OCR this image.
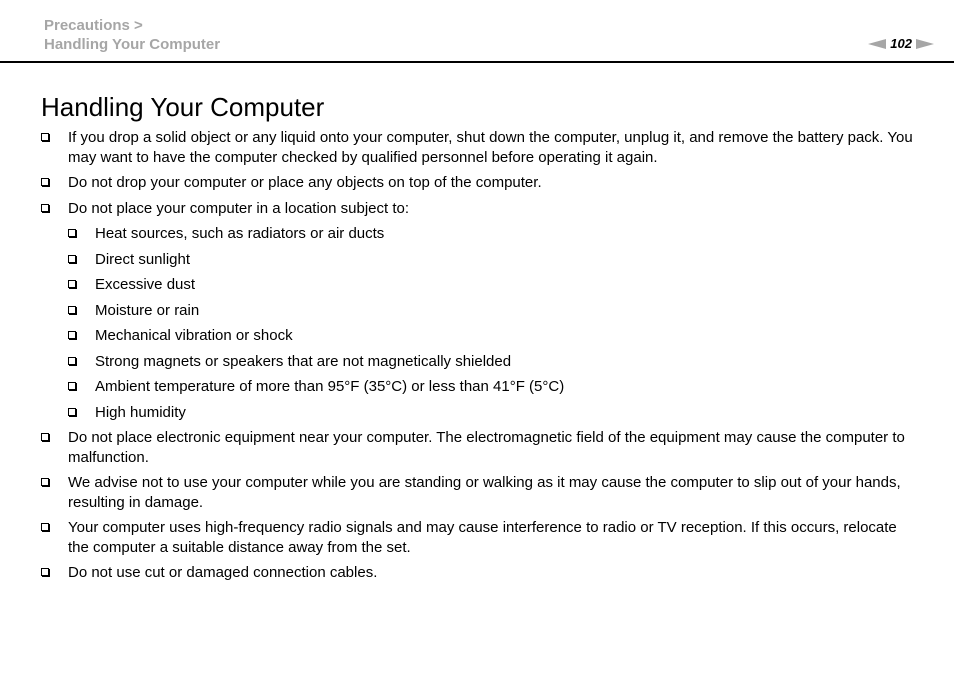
Precautions >
Handling Your Computer	102
Handling Your Computer
If you drop a solid object or any liquid onto your computer, shut down the computer, unplug it, and remove the battery pack. You may want to have the computer checked by qualified personnel before operating it again.
Do not drop your computer or place any objects on top of the computer.
Do not place your computer in a location subject to:
Heat sources, such as radiators or air ducts
Direct sunlight
Excessive dust
Moisture or rain
Mechanical vibration or shock
Strong magnets or speakers that are not magnetically shielded
Ambient temperature of more than 95°F (35°C) or less than 41°F (5°C)
High humidity
Do not place electronic equipment near your computer. The electromagnetic field of the equipment may cause the computer to malfunction.
We advise not to use your computer while you are standing or walking as it may cause the computer to slip out of your hands, resulting in damage.
Your computer uses high-frequency radio signals and may cause interference to radio or TV reception. If this occurs, relocate the computer a suitable distance away from the set.
Do not use cut or damaged connection cables.
